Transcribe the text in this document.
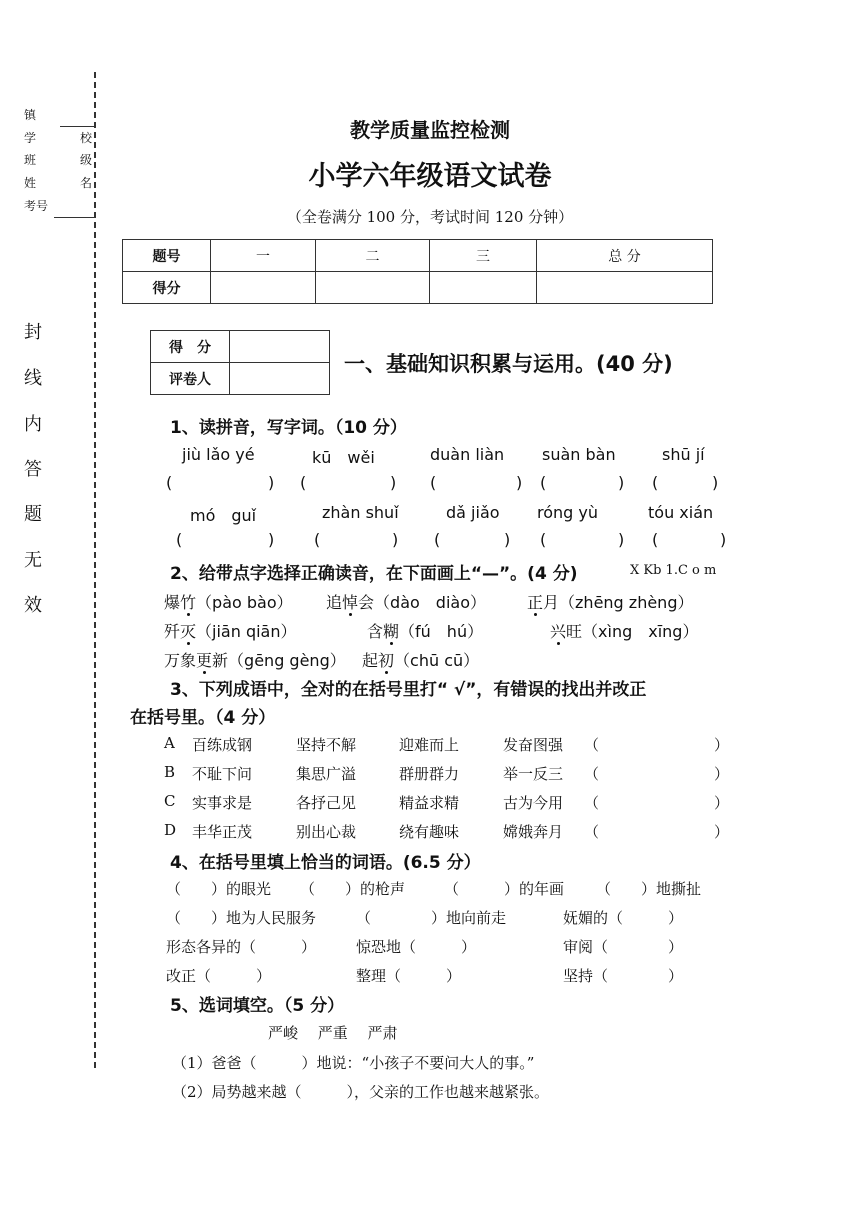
镇
学	校
班	级
姓	名
考号
封
线
内
答
题
无
效
教学质量监控检测
小学六年级语文试卷
（全卷满分 100 分，考试时间 120 分钟）
题号	一	二	三	总 分
得分				
得　分	
评卷人	
一、基础知识积累与运用。(40 分)
1、读拼音，写字词。（10 分）
jiù lǎo yé	kū　wěi	duàn liàn suàn bàn	shū jí
(	) (	) (	) (	) (	)
mó　guǐ	zhàn shuǐ	dǎ jiǎo róng yù	tóu xián
(	) (	) (	) (	) (	)
2、给带点字选择正确读音，在下面画上“—”。(4 分)	X Kb 1.C o m
爆竹（pào bào） 追悼会（dào　diào）	正月（zhēng zhèng）
歼灭（jiān qiān）	含糊（fú　hú）	兴旺（xìng　xīng）
万象更新（gēng gèng） 起初（chū cū）
3、下列成语中，全对的在括号里打“ √”，有错误的找出并改正
在括号里。（4 分）
A 百练成钢	坚持不解	迎难而上	发奋图强 （	）
B 不耻下问	集思广溢	群册群力	举一反三 （	）
C 实事求是	各抒己见	精益求精	古为今用 （	）
D 丰华正茂	别出心裁	绕有趣味	嫦娥奔月 （	）
4、在括号里填上恰当的词语。(6.5 分）
（　　）的眼光 （　　）的枪声	（　　　）的年画 （　　）地撕扯
（　　）地为人民服务	（　　　　）地向前走	妩媚的（　　　）
形态各异的（　　　）	惊恐地（　　　）	审阅（　　　　）
改正（　　　）	整理（　　　）	坚持（　　　　）
5、选词填空。（5 分）
严峻　 严重　 严肃
（1）爸爸（　　　）地说：“小孩子不要问大人的事。”
（2）局势越来越（　　　），父亲的工作也越来越紧张。
